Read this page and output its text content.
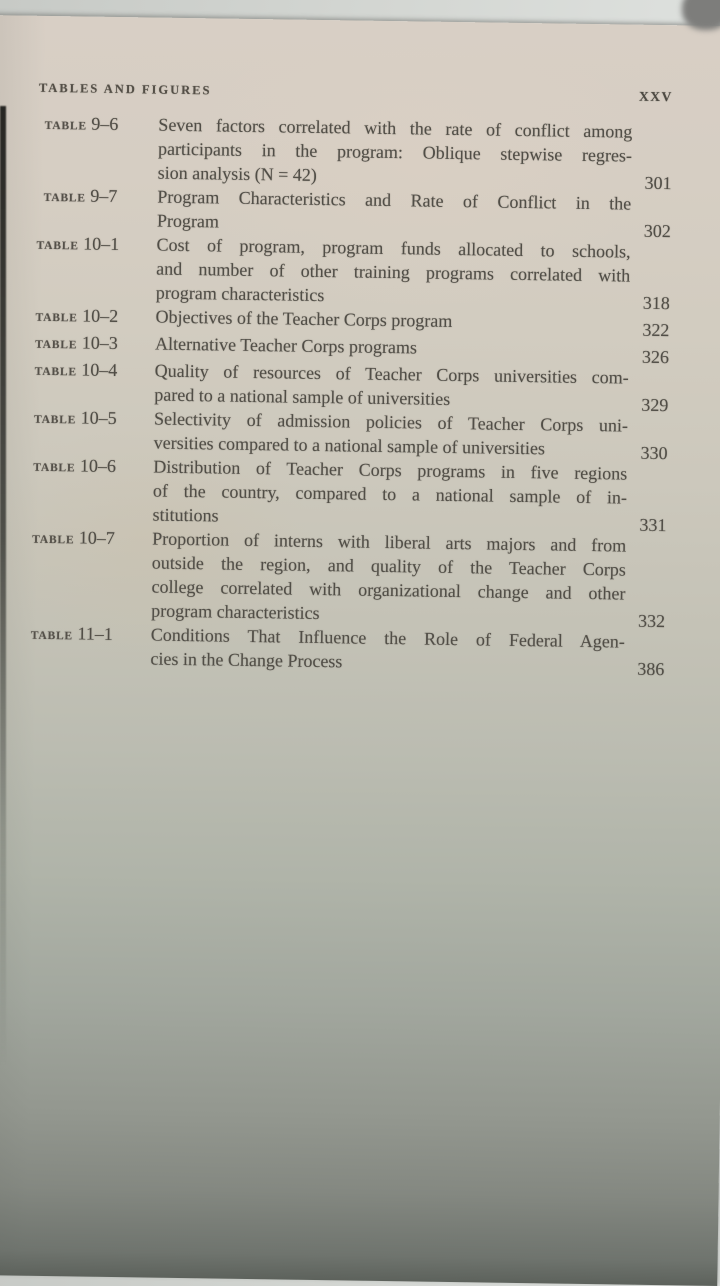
TABLES AND FIGURES	XXV
TABLE 9–6	Seven factors correlated with the rate of conflict among
participants in the program: Oblique stepwise regres-
sion analysis (N = 42)	301
TABLE 9–7	Program Characteristics and Rate of Conflict in the
Program	302
TABLE 10–1	Cost of program, program funds allocated to schools,
and number of other training programs correlated with
program characteristics	318
TABLE 10–2	Objectives of the Teacher Corps program	322
TABLE 10–3	Alternative Teacher Corps programs	326
TABLE 10–4	Quality of resources of Teacher Corps universities com-
pared to a national sample of universities	329
TABLE 10–5	Selectivity of admission policies of Teacher Corps uni-
versities compared to a national sample of universities	330
TABLE 10–6	Distribution of Teacher Corps programs in five regions
of the country, compared to a national sample of in-
stitutions	331
TABLE 10–7	Proportion of interns with liberal arts majors and from
outside the region, and quality of the Teacher Corps
college correlated with organizational change and other
program characteristics	332
TABLE 11–1	Conditions That Influence the Role of Federal Agen-
cies in the Change Process	386
